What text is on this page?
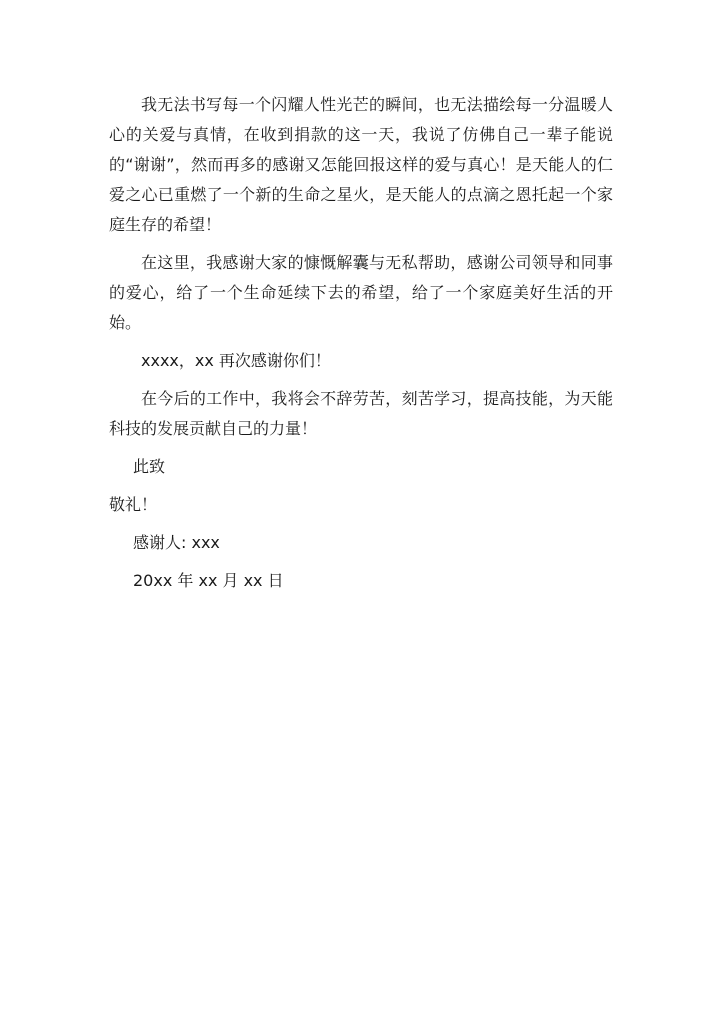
我无法书写每一个闪耀人性光芒的瞬间，也无法描绘每一分温暖人心的关爱与真情，在收到捐款的这一天，我说了仿佛自己一辈子能说的“谢谢”，然而再多的感谢又怎能回报这样的爱与真心！是天能人的仁爱之心已重燃了一个新的生命之星火，是天能人的点滴之恩托起一个家庭生存的希望！

在这里，我感谢大家的慷慨解囊与无私帮助，感谢公司领导和同事的爱心，给了一个生命延续下去的希望，给了一个家庭美好生活的开始。

xxxx，xx 再次感谢你们！

在今后的工作中，我将会不辞劳苦，刻苦学习，提高技能，为天能科技的发展贡献自己的力量！

此致

敬礼！

感谢人: xxx

20xx 年 xx 月 xx 日
